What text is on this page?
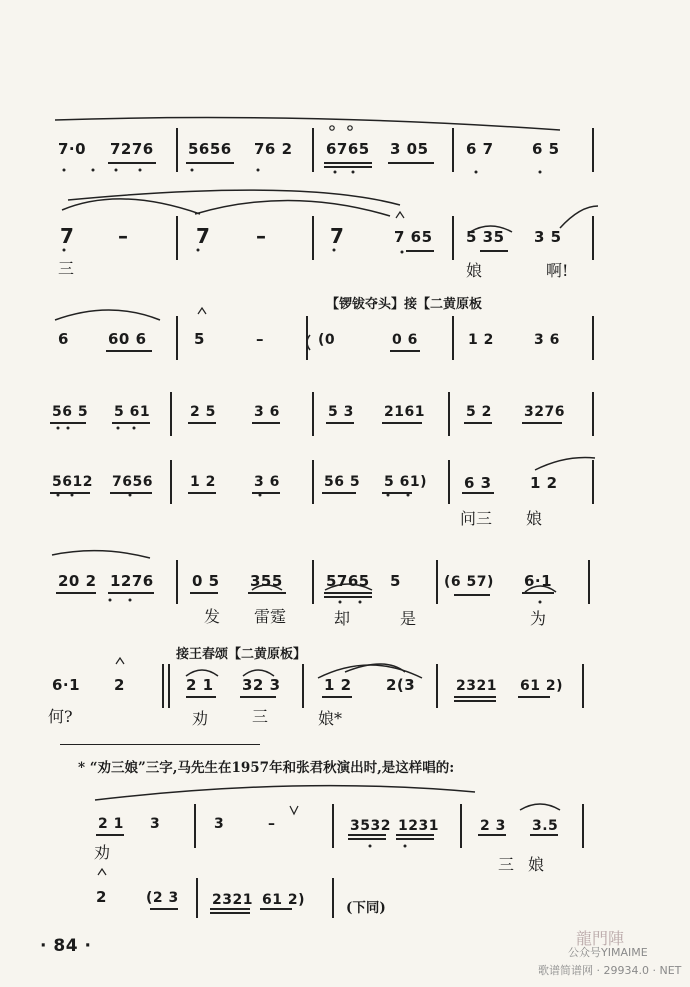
7·0 7276 5656 76 2 6765 3 05 6 7	6 5
7 –	7 –	7	7 65 5 35 3 5
三	娘	啊!
【锣钹夺头】接【二黄原板
6	60 6	5	–	(0	0 6	1 2	3 6
56 5 5 61	2 5	3 6	5 3 2161	5 2 3276
5612 7656	1 2	3 6	56 5 5 61) 6 3	1 2
问三 娘
20 2 1276	0 5 355	5765 5	(6 57) 6·1
发 雷霆	却	是	为
接王春颂【二黄原板】
6·1 2	2 1 32 3	1 2 2(3	2321 61 2)
何?	劝	三	娘*
* “劝三娘”三字,马先生在1957年和张君秋演出时,是这样唱的:
2 1 3	3	–	3532 1231	2 3 3.5
劝
三 娘
2	(2 3 2321 61 2)	(下同)
· 84 ·	龍門陣
公众号YIMAIME
歌谱简谱网 · 29934.0 · NET
